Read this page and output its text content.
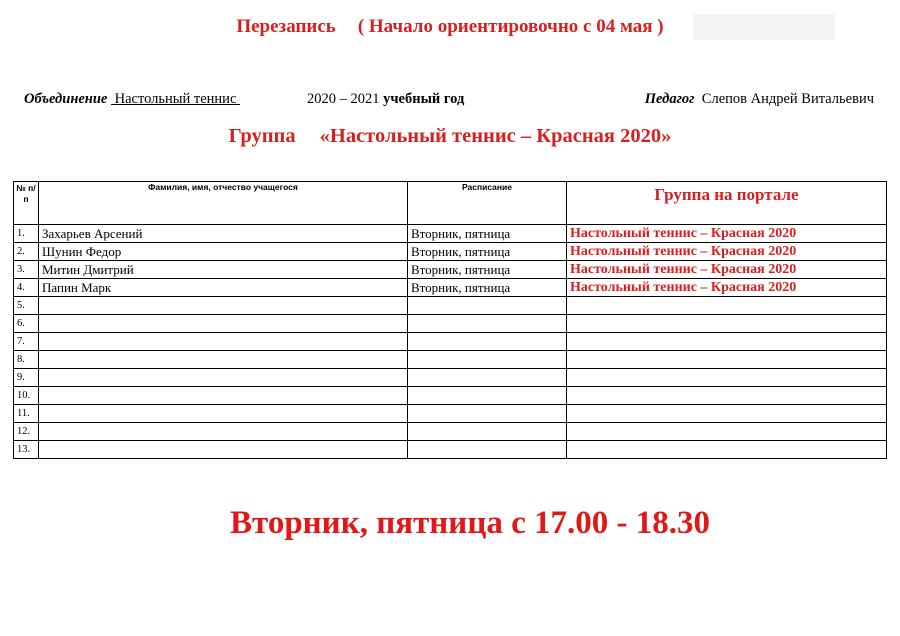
Перезапись ( Начало ориентировочно с 04 мая )
Объединение Настольный теннис	2020 – 2021 учебный год	Педагог Слепов Андрей Витальевич
Группа «Настольный теннис – Красная 2020»
№ п/п	Фамилия, имя, отчество учащегося	Расписание	Группа на портале
1.	Захарьев Арсений	Вторник, пятница	Настольный теннис – Красная 2020
2.	Шунин Федор	Вторник, пятница	Настольный теннис – Красная 2020
3.	Митин Дмитрий	Вторник, пятница	Настольный теннис – Красная 2020
4.	Папин Марк	Вторник, пятница	Настольный теннис – Красная 2020
5.			
6.			
7.			
8.			
9.			
10.			
11.			
12.			
13.			
Вторник, пятница с 17.00 - 18.30
